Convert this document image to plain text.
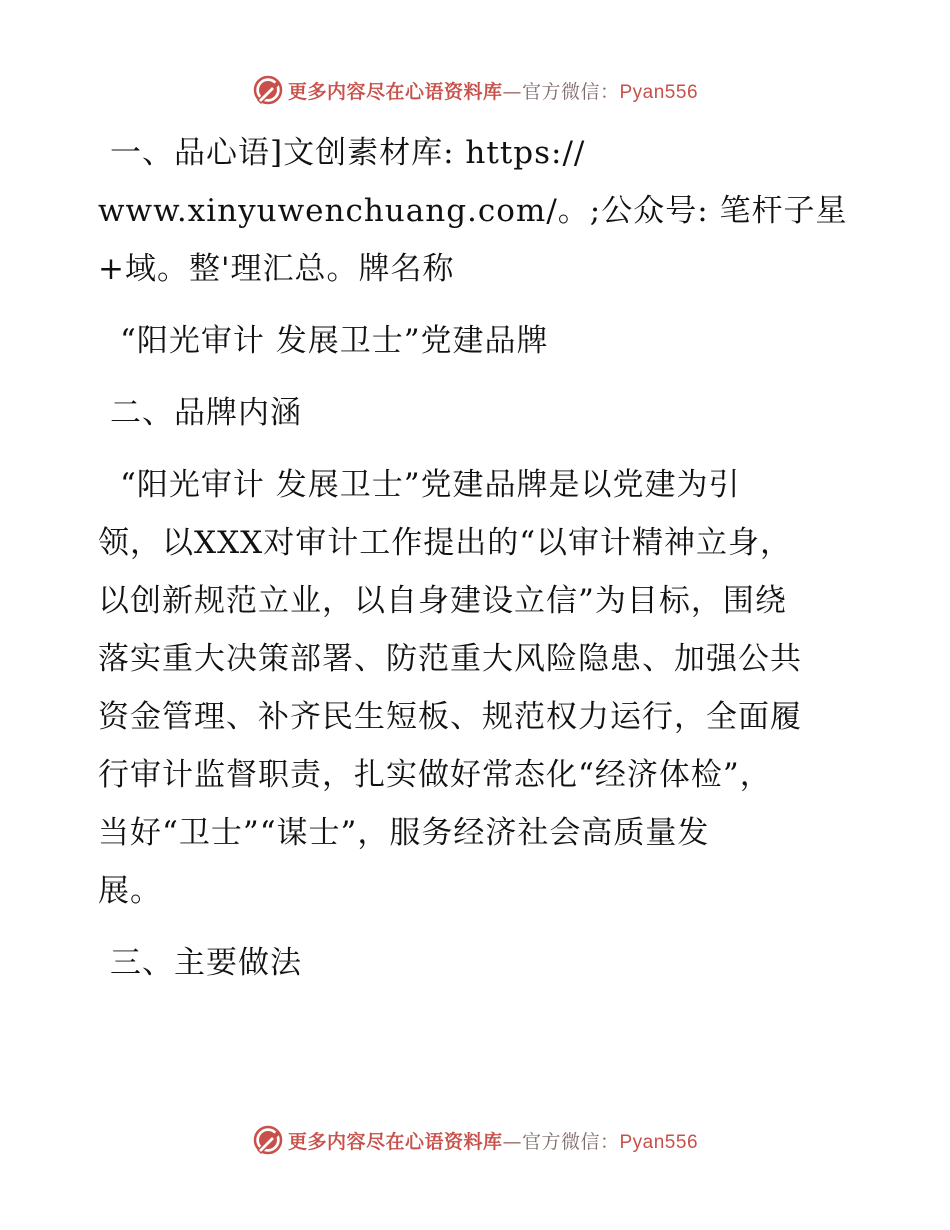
更多内容尽在心语资料库—官方微信：Pyan556

一、品心语]文创素材库: https://

www.xinyuwenchuang.com/。;公众号: 笔杆子星

+域。整'理汇总。牌名称

“阳光审计 发展卫士”党建品牌

二、品牌内涵

“阳光审计 发展卫士”党建品牌是以党建为引

领，以XXX对审计工作提出的“以审计精神立身，

以创新规范立业，以自身建设立信”为目标，围绕

落实重大决策部署、防范重大风险隐患、加强公共

资金管理、补齐民生短板、规范权力运行，全面履

行审计监督职责，扎实做好常态化“经济体检”，

当好“卫士”“谋士”，服务经济社会高质量发

展。

三、主要做法

更多内容尽在心语资料库—官方微信：Pyan556
